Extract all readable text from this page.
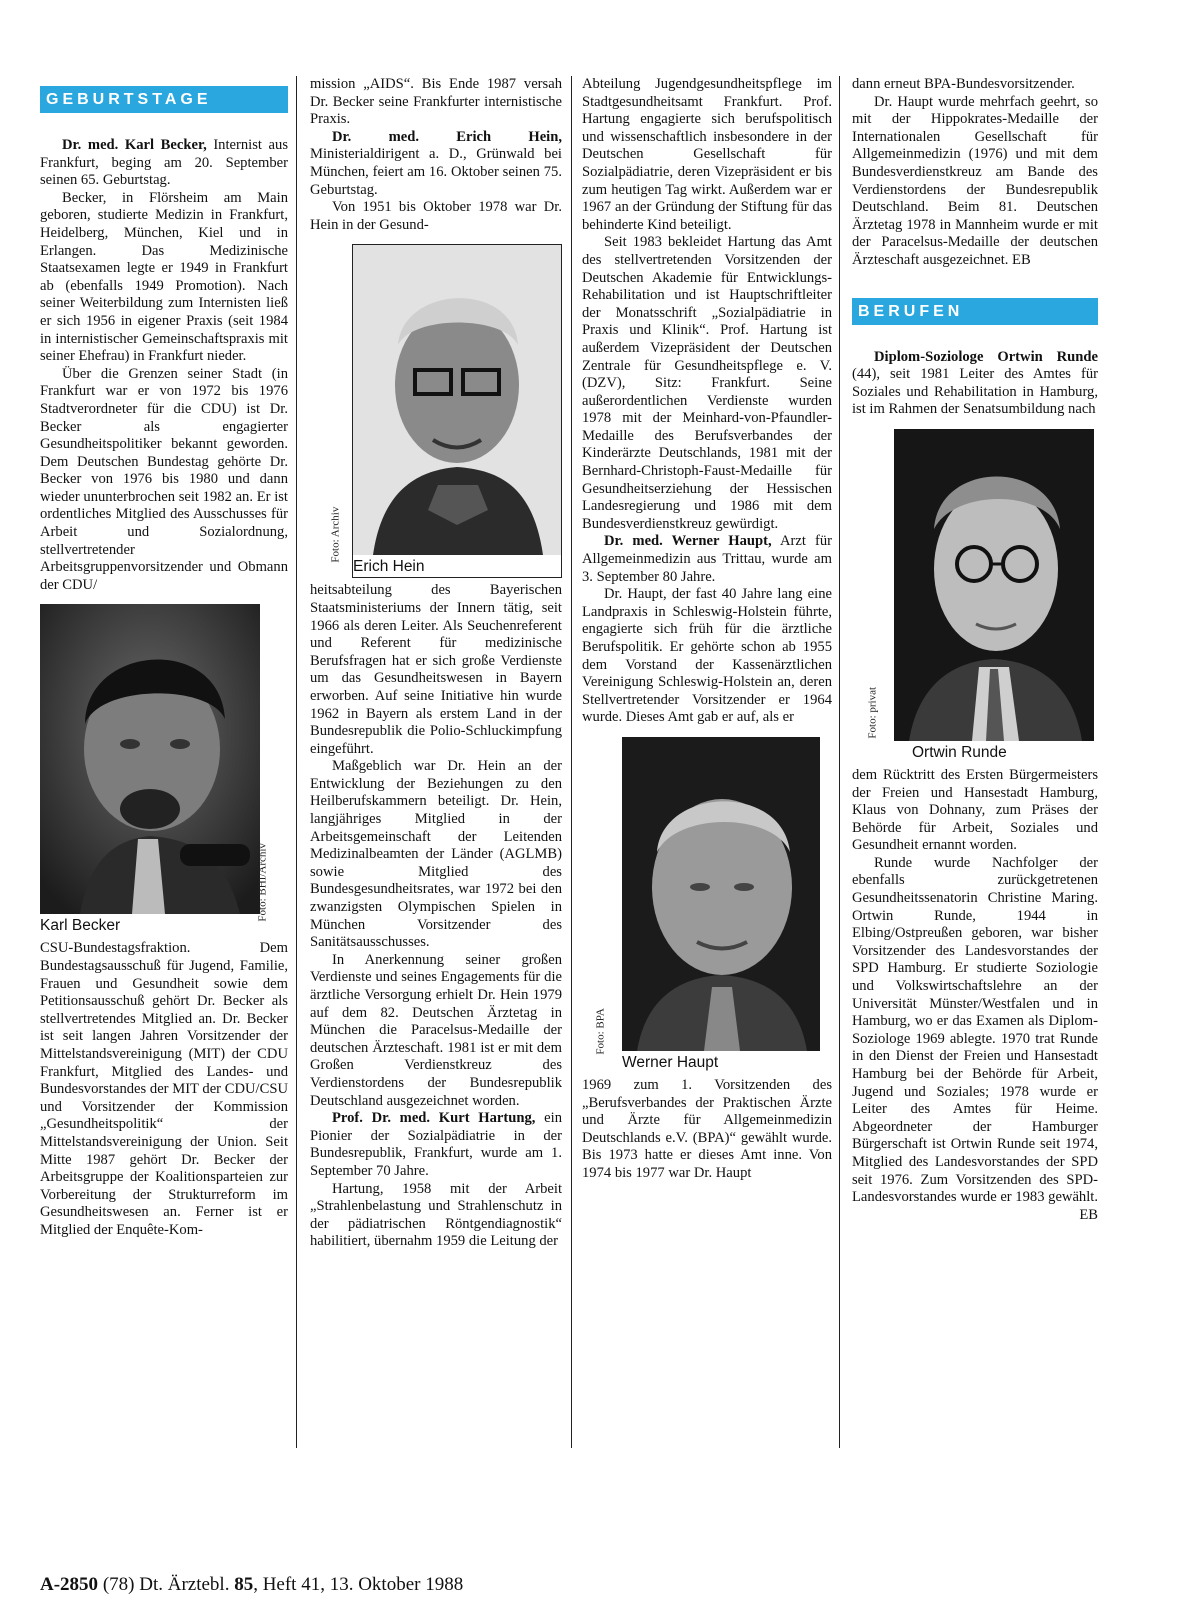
GEBURTSTAGE

Dr. med. Karl Becker, Internist aus Frankfurt, beging am 20. September seinen 65. Geburtstag.

Becker, in Flörsheim am Main geboren, studierte Medizin in Frankfurt, Heidelberg, München, Kiel und in Erlangen. Das Medizinische Staatsexamen legte er 1949 in Frankfurt ab (ebenfalls 1949 Promotion). Nach seiner Weiterbildung zum Internisten ließ er sich 1956 in eigener Praxis (seit 1984 in internistischer Gemeinschaftspraxis mit seiner Ehefrau) in Frankfurt nieder.

Über die Grenzen seiner Stadt (in Frankfurt war er von 1972 bis 1976 Stadtverordneter für die CDU) ist Dr. Becker als engagierter Gesundheitspolitiker bekannt geworden. Dem Deutschen Bundestag gehörte Dr. Becker von 1976 bis 1980 und dann wieder ununterbrochen seit 1982 an. Er ist ordentliches Mitglied des Ausschusses für Arbeit und Sozialordnung, stellvertretender Arbeitsgruppenvorsitzender und Obmann der CDU/

Foto: BHI/Archiv
Karl Becker

CSU-Bundestagsfraktion. Dem Bundestagsausschuß für Jugend, Familie, Frauen und Gesundheit sowie dem Petitionsausschuß gehört Dr. Becker als stellvertretendes Mitglied an. Dr. Becker ist seit langen Jahren Vorsitzender der Mittelstandsvereinigung (MIT) der CDU Frankfurt, Mitglied des Landes- und Bundesvorstandes der MIT der CDU/CSU und Vorsitzender der Kommission „Gesundheitspolitik“ der Mittelstandsvereinigung der Union. Seit Mitte 1987 gehört Dr. Becker der Arbeitsgruppe der Koalitionsparteien zur Vorbereitung der Strukturreform im Gesundheitswesen an. Ferner ist er Mitglied der Enquête-Kom-

mission „AIDS“. Bis Ende 1987 versah Dr. Becker seine Frankfurter internistische Praxis.

Dr. med. Erich Hein, Ministerialdirigent a. D., Grünwald bei München, feiert am 16. Oktober seinen 75. Geburtstag.

Von 1951 bis Oktober 1978 war Dr. Hein in der Gesund-

Foto: Archiv
Erich Hein

heitsabteilung des Bayerischen Staatsministeriums der Innern tätig, seit 1966 als deren Leiter. Als Seuchenreferent und Referent für medizinische Berufsfragen hat er sich große Verdienste um das Gesundheitswesen in Bayern erworben. Auf seine Initiative hin wurde 1962 in Bayern als erstem Land in der Bundesrepublik die Polio-Schluckimpfung eingeführt.

Maßgeblich war Dr. Hein an der Entwicklung der Beziehungen zu den Heilberufskammern beteiligt. Dr. Hein, langjähriges Mitglied in der Arbeitsgemeinschaft der Leitenden Medizinalbeamten der Länder (AGLMB) sowie Mitglied des Bundesgesundheitsrates, war 1972 bei den zwanzigsten Olympischen Spielen in München Vorsitzender des Sanitätsausschusses.

In Anerkennung seiner großen Verdienste und seines Engagements für die ärztliche Versorgung erhielt Dr. Hein 1979 auf dem 82. Deutschen Ärztetag in München die Paracelsus-Medaille der deutschen Ärzteschaft. 1981 ist er mit dem Großen Verdienstkreuz des Verdienstordens der Bundesrepublik Deutschland ausgezeichnet worden.

Prof. Dr. med. Kurt Hartung, ein Pionier der Sozialpädiatrie in der Bundesrepublik, Frankfurt, wurde am 1. September 70 Jahre.

Hartung, 1958 mit der Arbeit „Strahlenbelastung und Strahlenschutz in der pädiatrischen Röntgendiagnostik“ habilitiert, übernahm 1959 die Leitung der

Abteilung Jugendgesundheitspflege im Stadtgesundheitsamt Frankfurt. Prof. Hartung engagierte sich berufspolitisch und wissenschaftlich insbesondere in der Deutschen Gesellschaft für Sozialpädiatrie, deren Vizepräsident er bis zum heutigen Tag wirkt. Außerdem war er 1967 an der Gründung der Stiftung für das behinderte Kind beteiligt.

Seit 1983 bekleidet Hartung das Amt des stellvertretenden Vorsitzenden der Deutschen Akademie für Entwicklungs-Rehabilitation und ist Hauptschriftleiter der Monatsschrift „Sozialpädiatrie in Praxis und Klinik“. Prof. Hartung ist außerdem Vizepräsident der Deutschen Zentrale für Gesundheitspflege e. V. (DZV), Sitz: Frankfurt. Seine außerordentlichen Verdienste wurden 1978 mit der Meinhard-von-Pfaundler-Medaille des Berufsverbandes der Kinderärzte Deutschlands, 1981 mit der Bernhard-Christoph-Faust-Medaille für Gesundheitserziehung der Hessischen Landesregierung und 1986 mit dem Bundesverdienstkreuz gewürdigt.

Dr. med. Werner Haupt, Arzt für Allgemeinmedizin aus Trittau, wurde am 3. September 80 Jahre.

Dr. Haupt, der fast 40 Jahre lang eine Landpraxis in Schleswig-Holstein führte, engagierte sich früh für die ärztliche Berufspolitik. Er gehörte schon ab 1955 dem Vorstand der Kassenärztlichen Vereinigung Schleswig-Holstein an, deren Stellvertretender Vorsitzender er 1964 wurde. Dieses Amt gab er auf, als er

Foto: BPA
Werner Haupt

1969 zum 1. Vorsitzenden des „Berufsverbandes der Praktischen Ärzte und Ärzte für Allgemeinmedizin Deutschlands e.V. (BPA)“ gewählt wurde. Bis 1973 hatte er dieses Amt inne. Von 1974 bis 1977 war Dr. Haupt

dann erneut BPA-Bundesvorsitzender.

Dr. Haupt wurde mehrfach geehrt, so mit der Hippokrates-Medaille der Internationalen Gesellschaft für Allgemeinmedizin (1976) und mit dem Bundesverdienstkreuz am Bande des Verdienstordens der Bundesrepublik Deutschland. Beim 81. Deutschen Ärztetag 1978 in Mannheim wurde er mit der Paracelsus-Medaille der deutschen Ärzteschaft ausgezeichnet. EB

BERUFEN

Diplom-Soziologe Ortwin Runde (44), seit 1981 Leiter des Amtes für Soziales und Rehabilitation in Hamburg, ist im Rahmen der Senatsumbildung nach

Foto: privat
Ortwin Runde

dem Rücktritt des Ersten Bürgermeisters der Freien und Hansestadt Hamburg, Klaus von Dohnany, zum Präses der Behörde für Arbeit, Soziales und Gesundheit ernannt worden.

Runde wurde Nachfolger der ebenfalls zurückgetretenen Gesundheitssenatorin Christine Maring. Ortwin Runde, 1944 in Elbing/Ostpreußen geboren, war bisher Vorsitzender des Landesvorstandes der SPD Hamburg. Er studierte Soziologie und Volkswirtschaftslehre an der Universität Münster/Westfalen und in Hamburg, wo er das Examen als Diplom-Soziologe 1969 ablegte. 1970 trat Runde in den Dienst der Freien und Hansestadt Hamburg bei der Behörde für Arbeit, Jugend und Soziales; 1978 wurde er Leiter des Amtes für Heime. Abgeordneter der Hamburger Bürgerschaft ist Ortwin Runde seit 1974, Mitglied des Landesvorstandes der SPD seit 1976. Zum Vorsitzenden des SPD-Landesvorstandes wurde er 1983 gewählt.
EB

A-2850 (78) Dt. Ärztebl. 85, Heft 41, 13. Oktober 1988
